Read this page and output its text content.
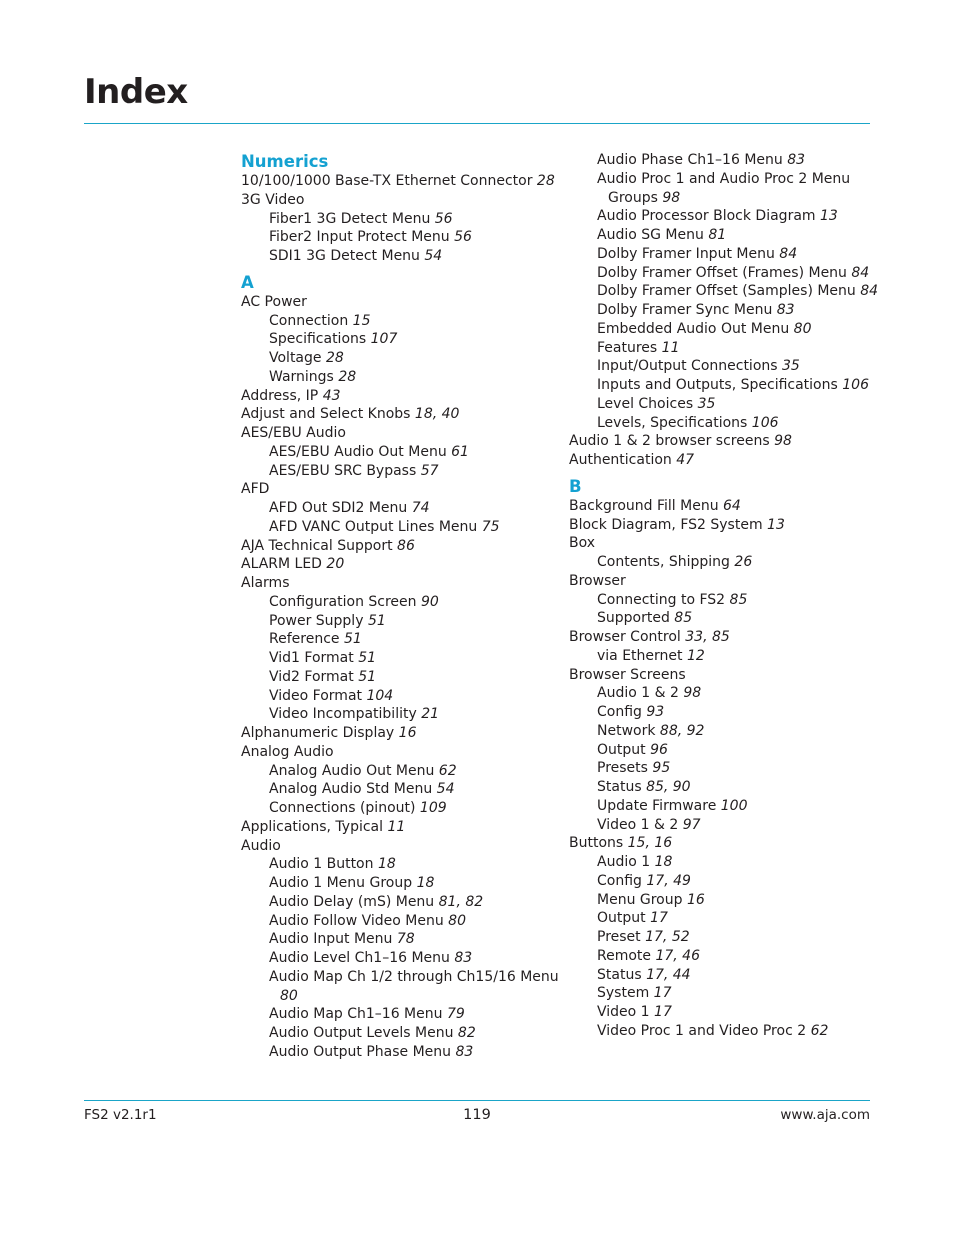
Index
Numerics
10/100/1000 Base-TX Ethernet Connector 28
3G Video
Fiber1 3G Detect Menu 56
Fiber2 Input Protect Menu 56
SDI1 3G Detect Menu 54
A
AC Power
Connection 15
Specifications 107
Voltage 28
Warnings 28
Address, IP 43
Adjust and Select Knobs 18, 40
AES/EBU Audio
AES/EBU Audio Out Menu 61
AES/EBU SRC Bypass 57
AFD
AFD Out SDI2 Menu 74
AFD VANC Output Lines Menu 75
AJA Technical Support 86
ALARM LED 20
Alarms
Configuration Screen 90
Power Supply 51
Reference 51
Vid1 Format 51
Vid2 Format 51
Video Format 104
Video Incompatibility 21
Alphanumeric Display 16
Analog Audio
Analog Audio Out Menu 62
Analog Audio Std Menu 54
Connections (pinout) 109
Applications, Typical 11
Audio
Audio 1 Button 18
Audio 1 Menu Group 18
Audio Delay (mS) Menu 81, 82
Audio Follow Video Menu 80
Audio Input Menu 78
Audio Level Ch1–16 Menu 83
Audio Map Ch 1/2 through Ch15/16 Menu
80
Audio Map Ch1–16 Menu 79
Audio Output Levels Menu 82
Audio Output Phase Menu 83
Audio Phase Ch1–16 Menu 83
Audio Proc 1 and Audio Proc 2 Menu
Groups 98
Audio Processor Block Diagram 13
Audio SG Menu 81
Dolby Framer Input Menu 84
Dolby Framer Offset (Frames) Menu 84
Dolby Framer Offset (Samples) Menu 84
Dolby Framer Sync Menu 83
Embedded Audio Out Menu 80
Features 11
Input/Output Connections 35
Inputs and Outputs, Specifications 106
Level Choices 35
Levels, Specifications 106
Audio 1 & 2 browser screens 98
Authentication 47
B
Background Fill Menu 64
Block Diagram, FS2 System 13
Box
Contents, Shipping 26
Browser
Connecting to FS2 85
Supported 85
Browser Control 33, 85
via Ethernet 12
Browser Screens
Audio 1 & 2 98
Config 93
Network 88, 92
Output 96
Presets 95
Status 85, 90
Update Firmware 100
Video 1 & 2 97
Buttons 15, 16
Audio 1 18
Config 17, 49
Menu Group 16
Output 17
Preset 17, 52
Remote 17, 46
Status 17, 44
System 17
Video 1 17
Video Proc 1 and Video Proc 2 62
FS2 v2.1r1	119	www.aja.com
